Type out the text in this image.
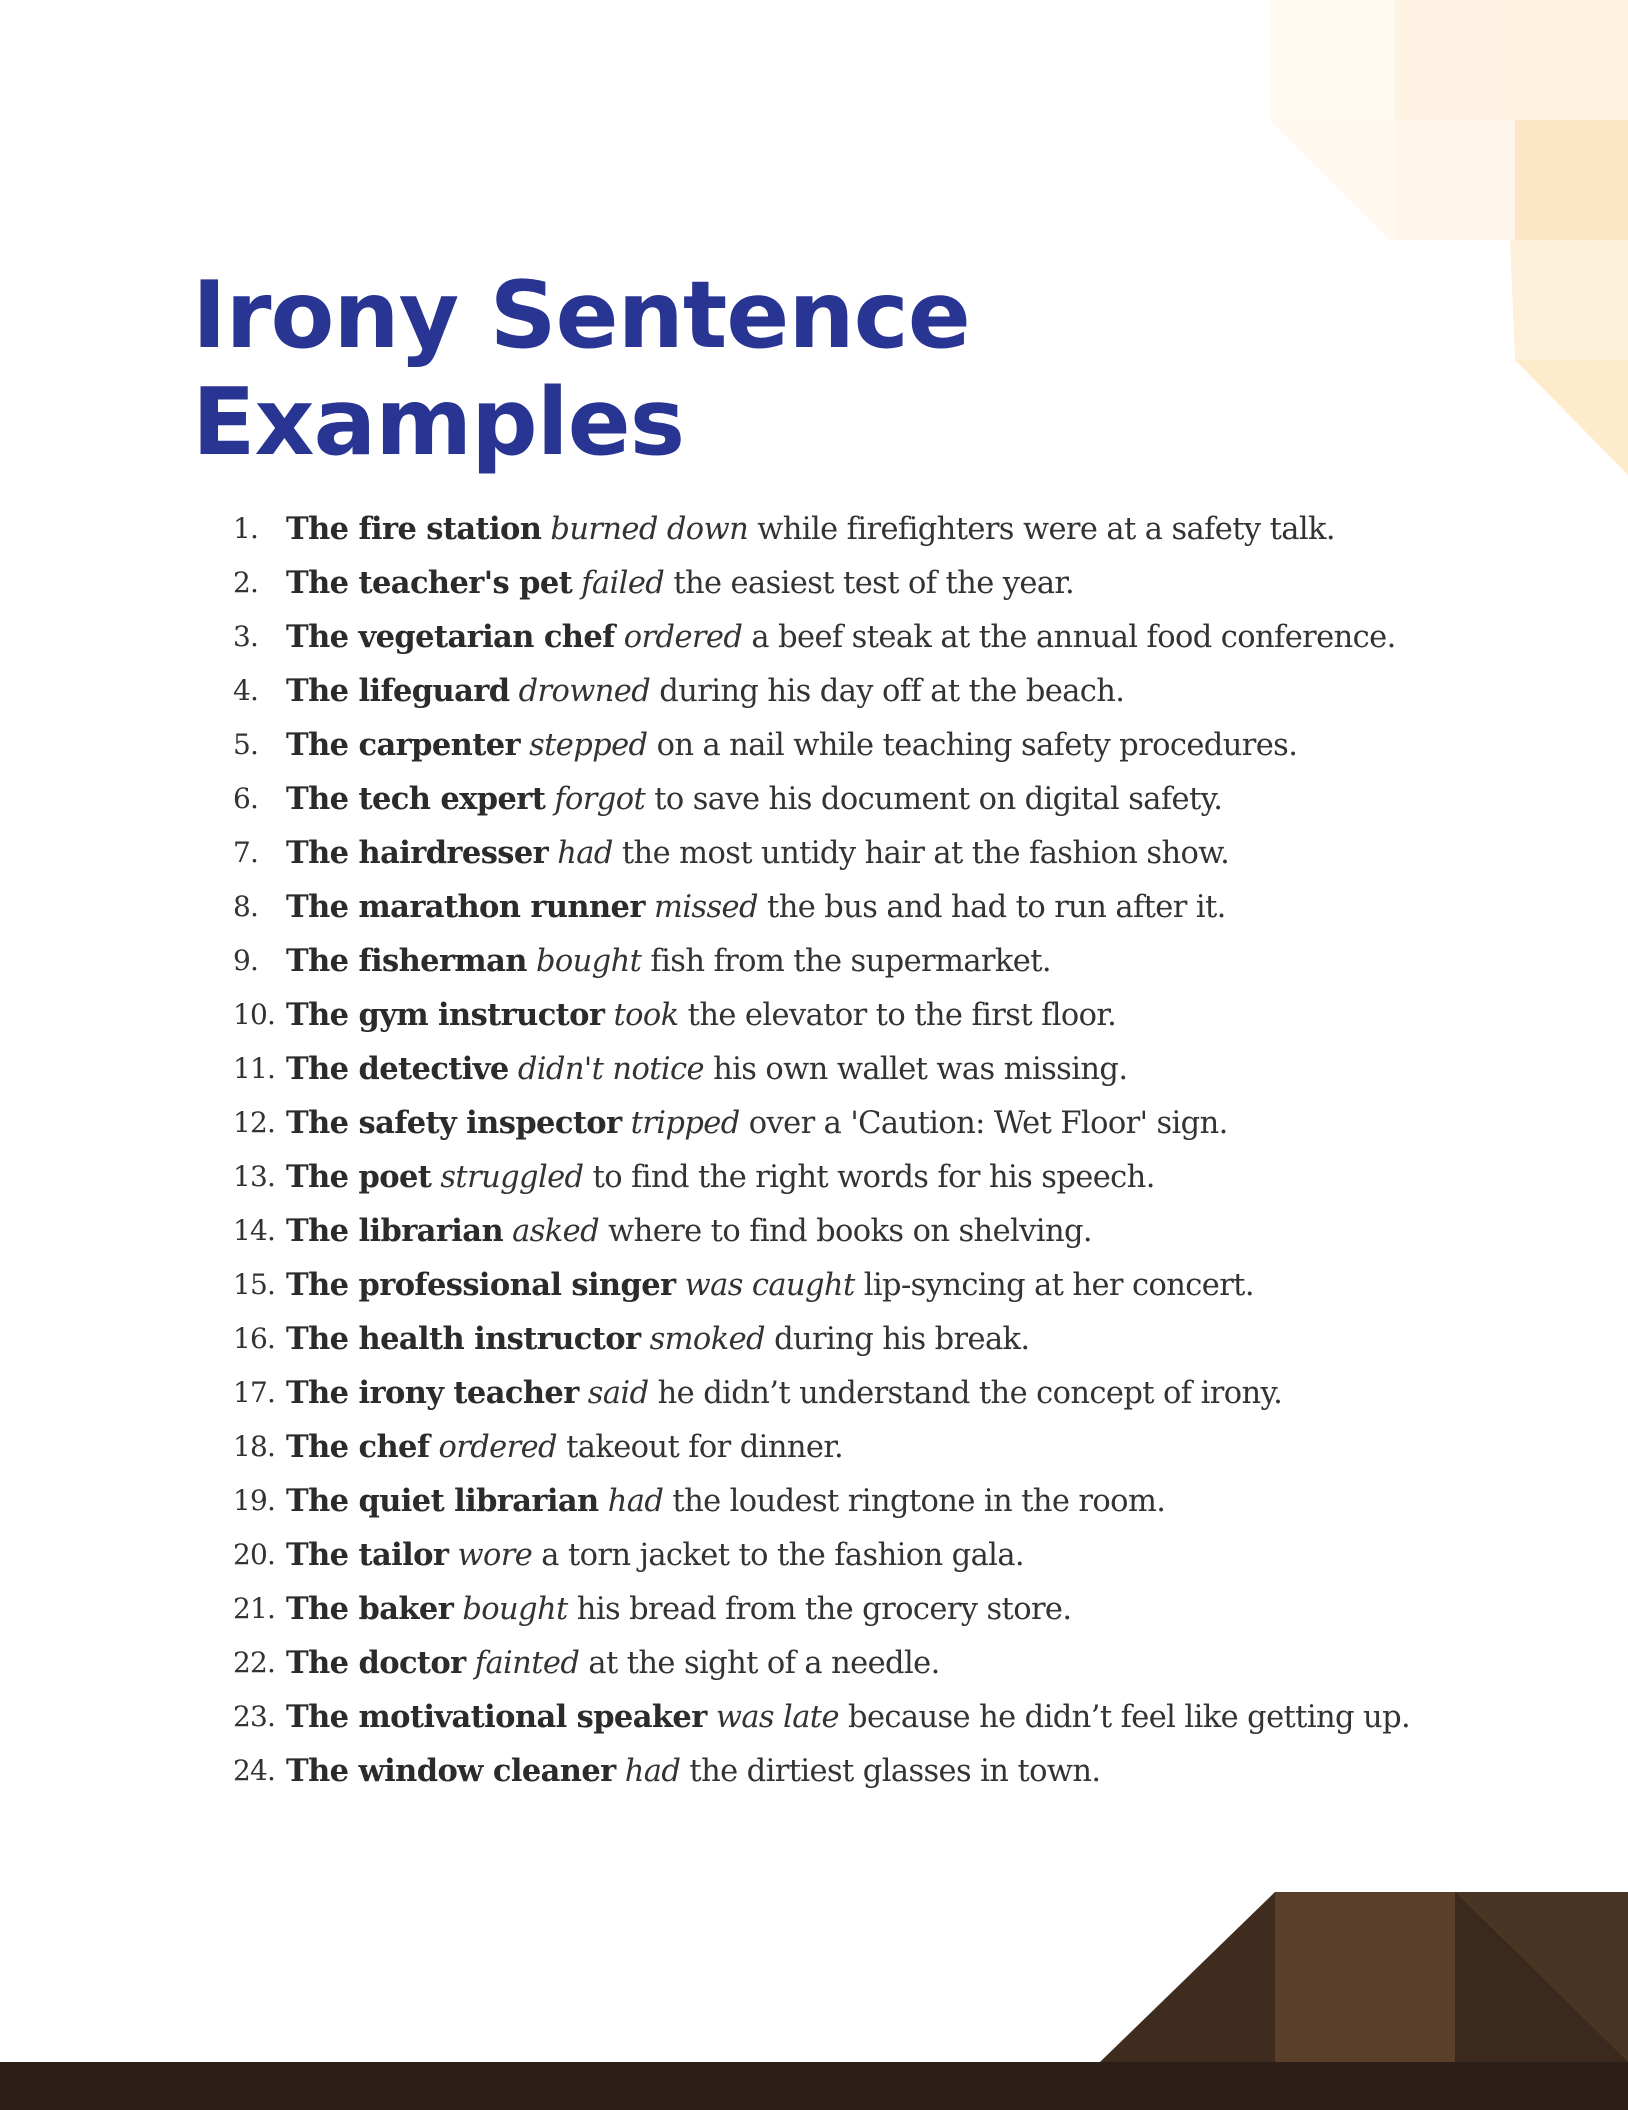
Irony Sentence
Examples
1. The fire station burned down while firefighters were at a safety talk.
2. The teacher's pet failed the easiest test of the year.
3. The vegetarian chef ordered a beef steak at the annual food conference.
4. The lifeguard drowned during his day off at the beach.
5. The carpenter stepped on a nail while teaching safety procedures.
6. The tech expert forgot to save his document on digital safety.
7. The hairdresser had the most untidy hair at the fashion show.
8. The marathon runner missed the bus and had to run after it.
9. The fisherman bought fish from the supermarket.
10. The gym instructor took the elevator to the first floor.
11. The detective didn't notice his own wallet was missing.
12. The safety inspector tripped over a 'Caution: Wet Floor' sign.
13. The poet struggled to find the right words for his speech.
14. The librarian asked where to find books on shelving.
15. The professional singer was caught lip-syncing at her concert.
16. The health instructor smoked during his break.
17. The irony teacher said he didn’t understand the concept of irony.
18. The chef ordered takeout for dinner.
19. The quiet librarian had the loudest ringtone in the room.
20. The tailor wore a torn jacket to the fashion gala.
21. The baker bought his bread from the grocery store.
22. The doctor fainted at the sight of a needle.
23. The motivational speaker was late because he didn’t feel like getting up.
24. The window cleaner had the dirtiest glasses in town.
